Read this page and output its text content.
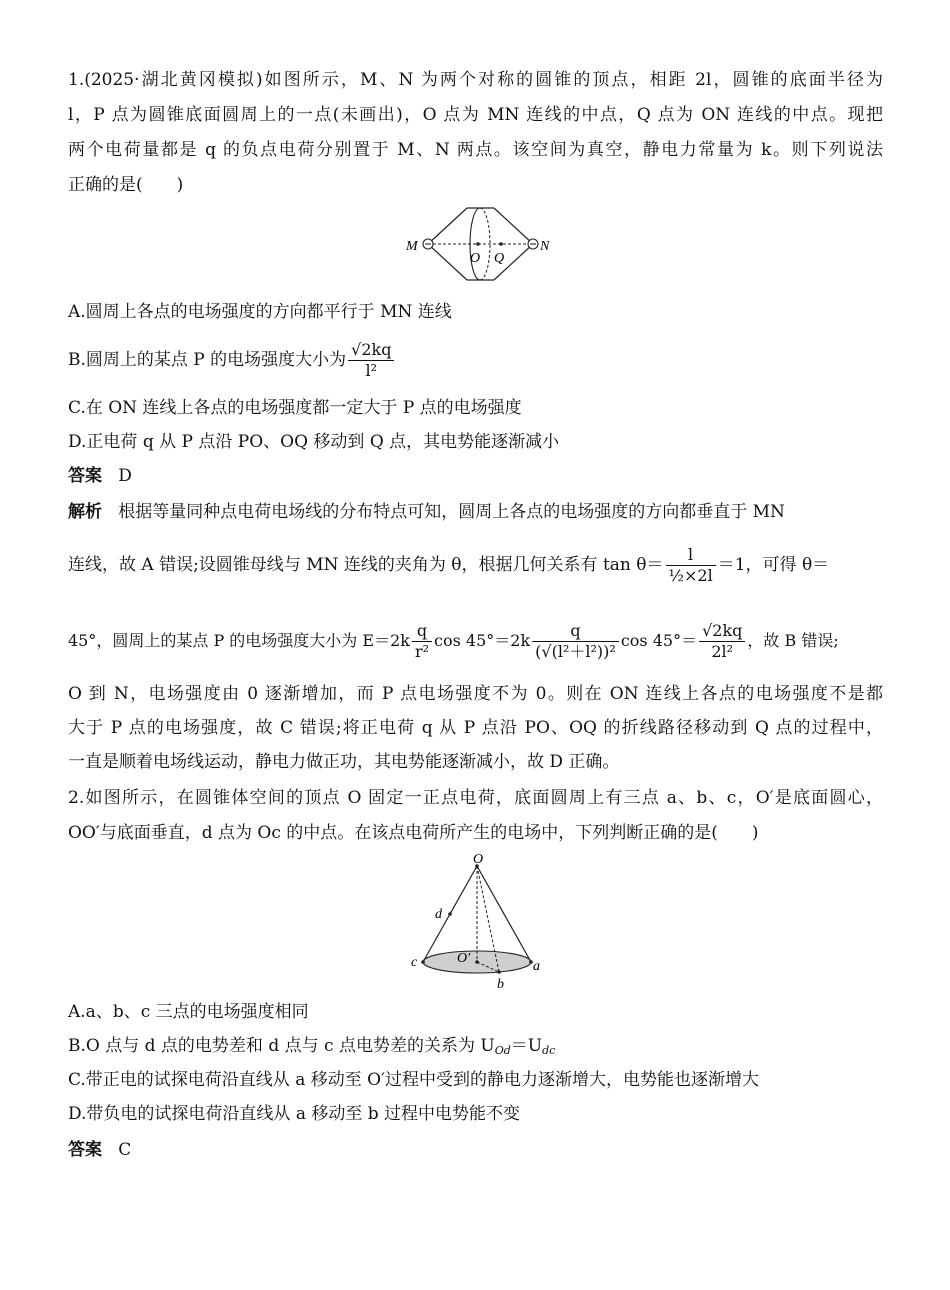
1.(2025·湖北黄冈模拟)如图所示，M、N 为两个对称的圆锥的顶点，相距 2l，圆锥的底面半径为
l，P 点为圆锥底面圆周上的一点(未画出)，O 点为 MN 连线的中点，Q 点为 ON 连线的中点。现把
两个电荷量都是 q 的负点电荷分别置于 M、N 两点。该空间为真空，静电力常量为 k。则下列说法
正确的是(　　)
M	N
O Q
A.圆周上各点的电场强度的方向都平行于 MN 连线
B.圆周上的某点 P 的电场强度大小为 $\frac{√2kq}{\text{l²}}$
C.在 ON 连线上各点的电场强度都一定大于 P 点的电场强度
D.正电荷 q 从 P 点沿 PO、OQ 移动到 Q 点，其电势能逐渐减小
答案 D
解析 根据等量同种点电荷电场线的分布特点可知，圆周上各点的电场强度的方向都垂直于 MN
连线，故 A 错误;设圆锥母线与 MN 连线的夹角为 θ，根据几何关系有 $\tan \theta= \frac{l}{\text{½×2l}} =1$，可得 θ＝
45°，圆周上的某点 P 的电场强度大小为 $E=2k \frac{q}{\text{r²}}$ $\cos 45^\circ=2k \frac{q}{\text{(√(l²＋l²))²}}$ $\cos 45^\circ= \frac{√2kq}{\text{2l²}}$ ，故 B 错误;
O 到 N，电场强度由 0 逐渐增加，而 P 点电场强度不为 0。则在 ON 连线上各点的电场强度不是都
大于 P 点的电场强度，故 C 错误;将正电荷 q 从 P 点沿 PO、OQ 的折线路径移动到 Q 点的过程中，
一直是顺着电场线运动，静电力做正功，其电势能逐渐减小，故 D 正确。
2.如图所示，在圆锥体空间的顶点 O 固定一正点电荷，底面圆周上有三点 a、b、c，O′是底面圆心，
OO′与底面垂直，d 点为 Oc 的中点。在该点电荷所产生的电场中，下列判断正确的是(　　)
O
d
c	O′
b
a
A.a、b、c 三点的电场强度相同
B.O 点与 d 点的电势差和 d 点与 c 点电势差的关系为 $U_{Od}=U_{dc}$
C.带正电的试探电荷沿直线从 a 移动至 O′过程中受到的静电力逐渐增大，电势能也逐渐增大
D.带负电的试探电荷沿直线从 a 移动至 b 过程中电势能不变
答案 C
